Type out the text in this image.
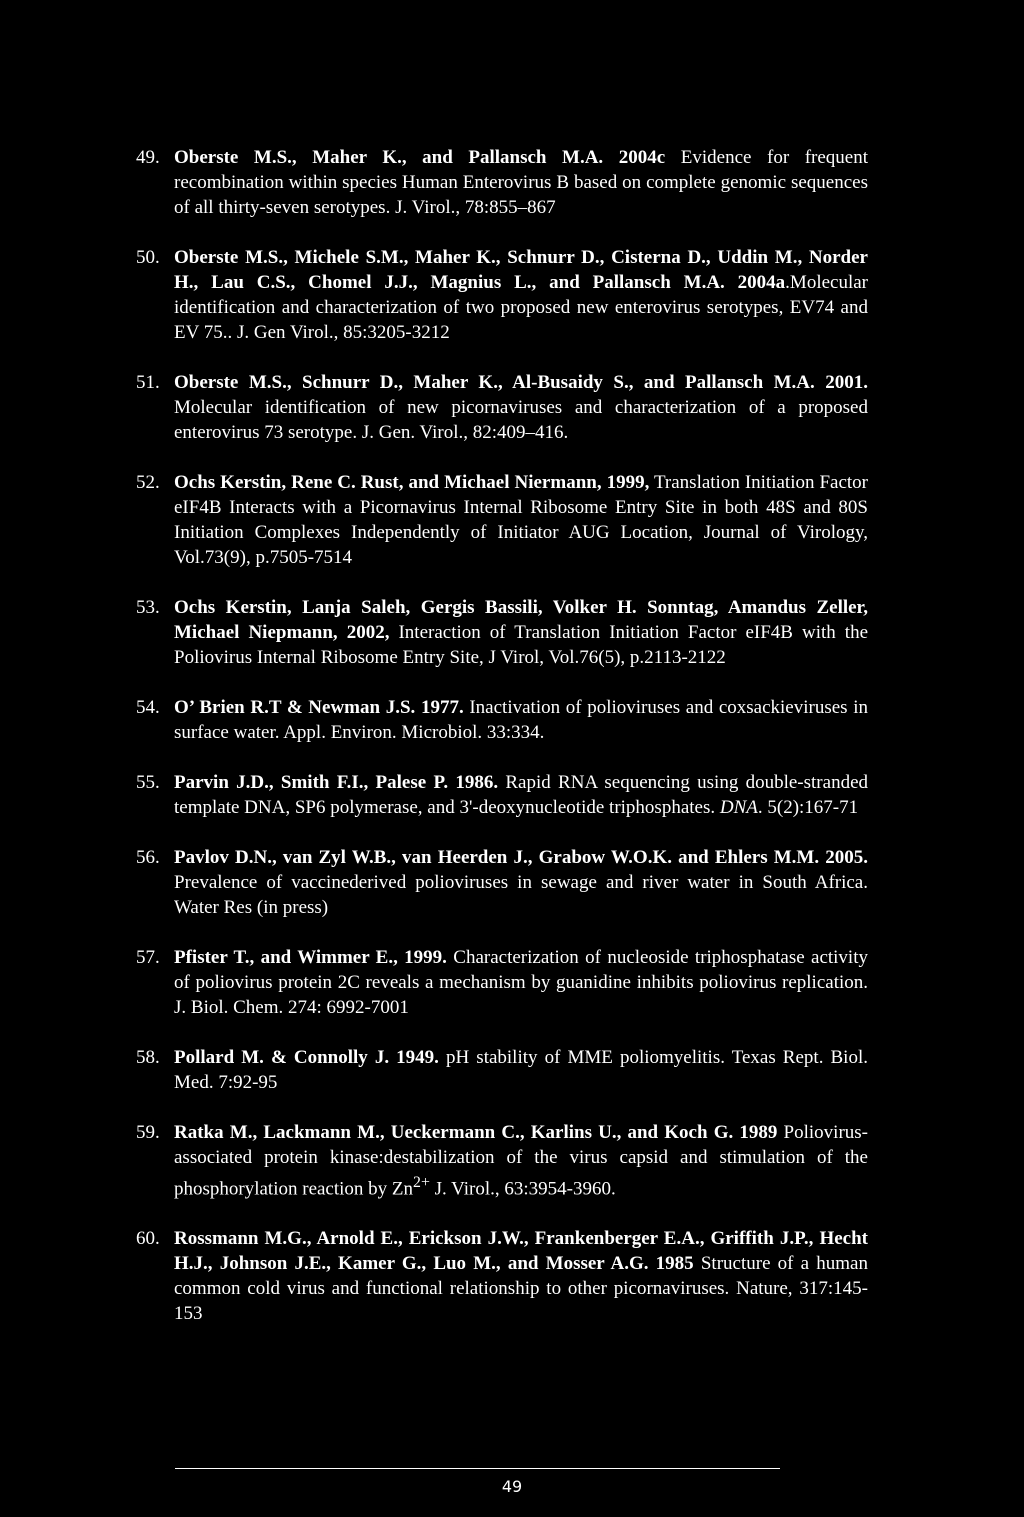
49. Oberste M.S., Maher K., and Pallansch M.A. 2004c Evidence for frequent recombination within species Human Enterovirus B based on complete genomic sequences of all thirty-seven serotypes. J. Virol., 78:855–867
50. Oberste M.S., Michele S.M., Maher K., Schnurr D., Cisterna D., Uddin M., Norder H., Lau C.S., Chomel J.J., Magnius L., and Pallansch M.A. 2004a.Molecular identification and characterization of two proposed new enterovirus serotypes, EV74 and EV 75.. J. Gen Virol., 85:3205-3212
51. Oberste M.S., Schnurr D., Maher K., Al-Busaidy S., and Pallansch M.A. 2001. Molecular identification of new picornaviruses and characterization of a proposed enterovirus 73 serotype. J. Gen. Virol., 82:409–416.
52. Ochs Kerstin, Rene C. Rust, and Michael Niermann, 1999, Translation Initiation Factor eIF4B Interacts with a Picornavirus Internal Ribosome Entry Site in both 48S and 80S Initiation Complexes Independently of Initiator AUG Location, Journal of Virology, Vol.73(9), p.7505-7514
53. Ochs Kerstin, Lanja Saleh, Gergis Bassili, Volker H. Sonntag, Amandus Zeller, Michael Niepmann, 2002, Interaction of Translation Initiation Factor eIF4B with the Poliovirus Internal Ribosome Entry Site, J Virol, Vol.76(5), p.2113-2122
54. O’ Brien R.T & Newman J.S. 1977. Inactivation of polioviruses and coxsackieviruses in surface water. Appl. Environ. Microbiol. 33:334.
55. Parvin J.D., Smith F.I., Palese P. 1986. Rapid RNA sequencing using double-stranded template DNA, SP6 polymerase, and 3'-deoxynucleotide triphosphates. DNA. 5(2):167-71
56. Pavlov D.N., van Zyl W.B., van Heerden J., Grabow W.O.K. and Ehlers M.M. 2005. Prevalence of vaccinederived polioviruses in sewage and river water in South Africa. Water Res (in press)
57. Pfister T., and Wimmer E., 1999. Characterization of nucleoside triphosphatase activity of poliovirus protein 2C reveals a mechanism by guanidine inhibits poliovirus replication. J. Biol. Chem. 274: 6992-7001
58. Pollard M. & Connolly J. 1949. pH stability of MME poliomyelitis. Texas Rept. Biol. Med. 7:92-95
59. Ratka M., Lackmann M., Ueckermann C., Karlins U., and Koch G. 1989 Poliovirus-associated protein kinase:destabilization of the virus capsid and stimulation of the phosphorylation reaction by $Zn^{2+}$ J. Virol., 63:3954-3960.
60. Rossmann M.G., Arnold E., Erickson J.W., Frankenberger E.A., Griffith J.P., Hecht H.J., Johnson J.E., Kamer G., Luo M., and Mosser A.G. 1985 Structure of a human common cold virus and functional relationship to other picornaviruses. Nature, 317:145-153
49
